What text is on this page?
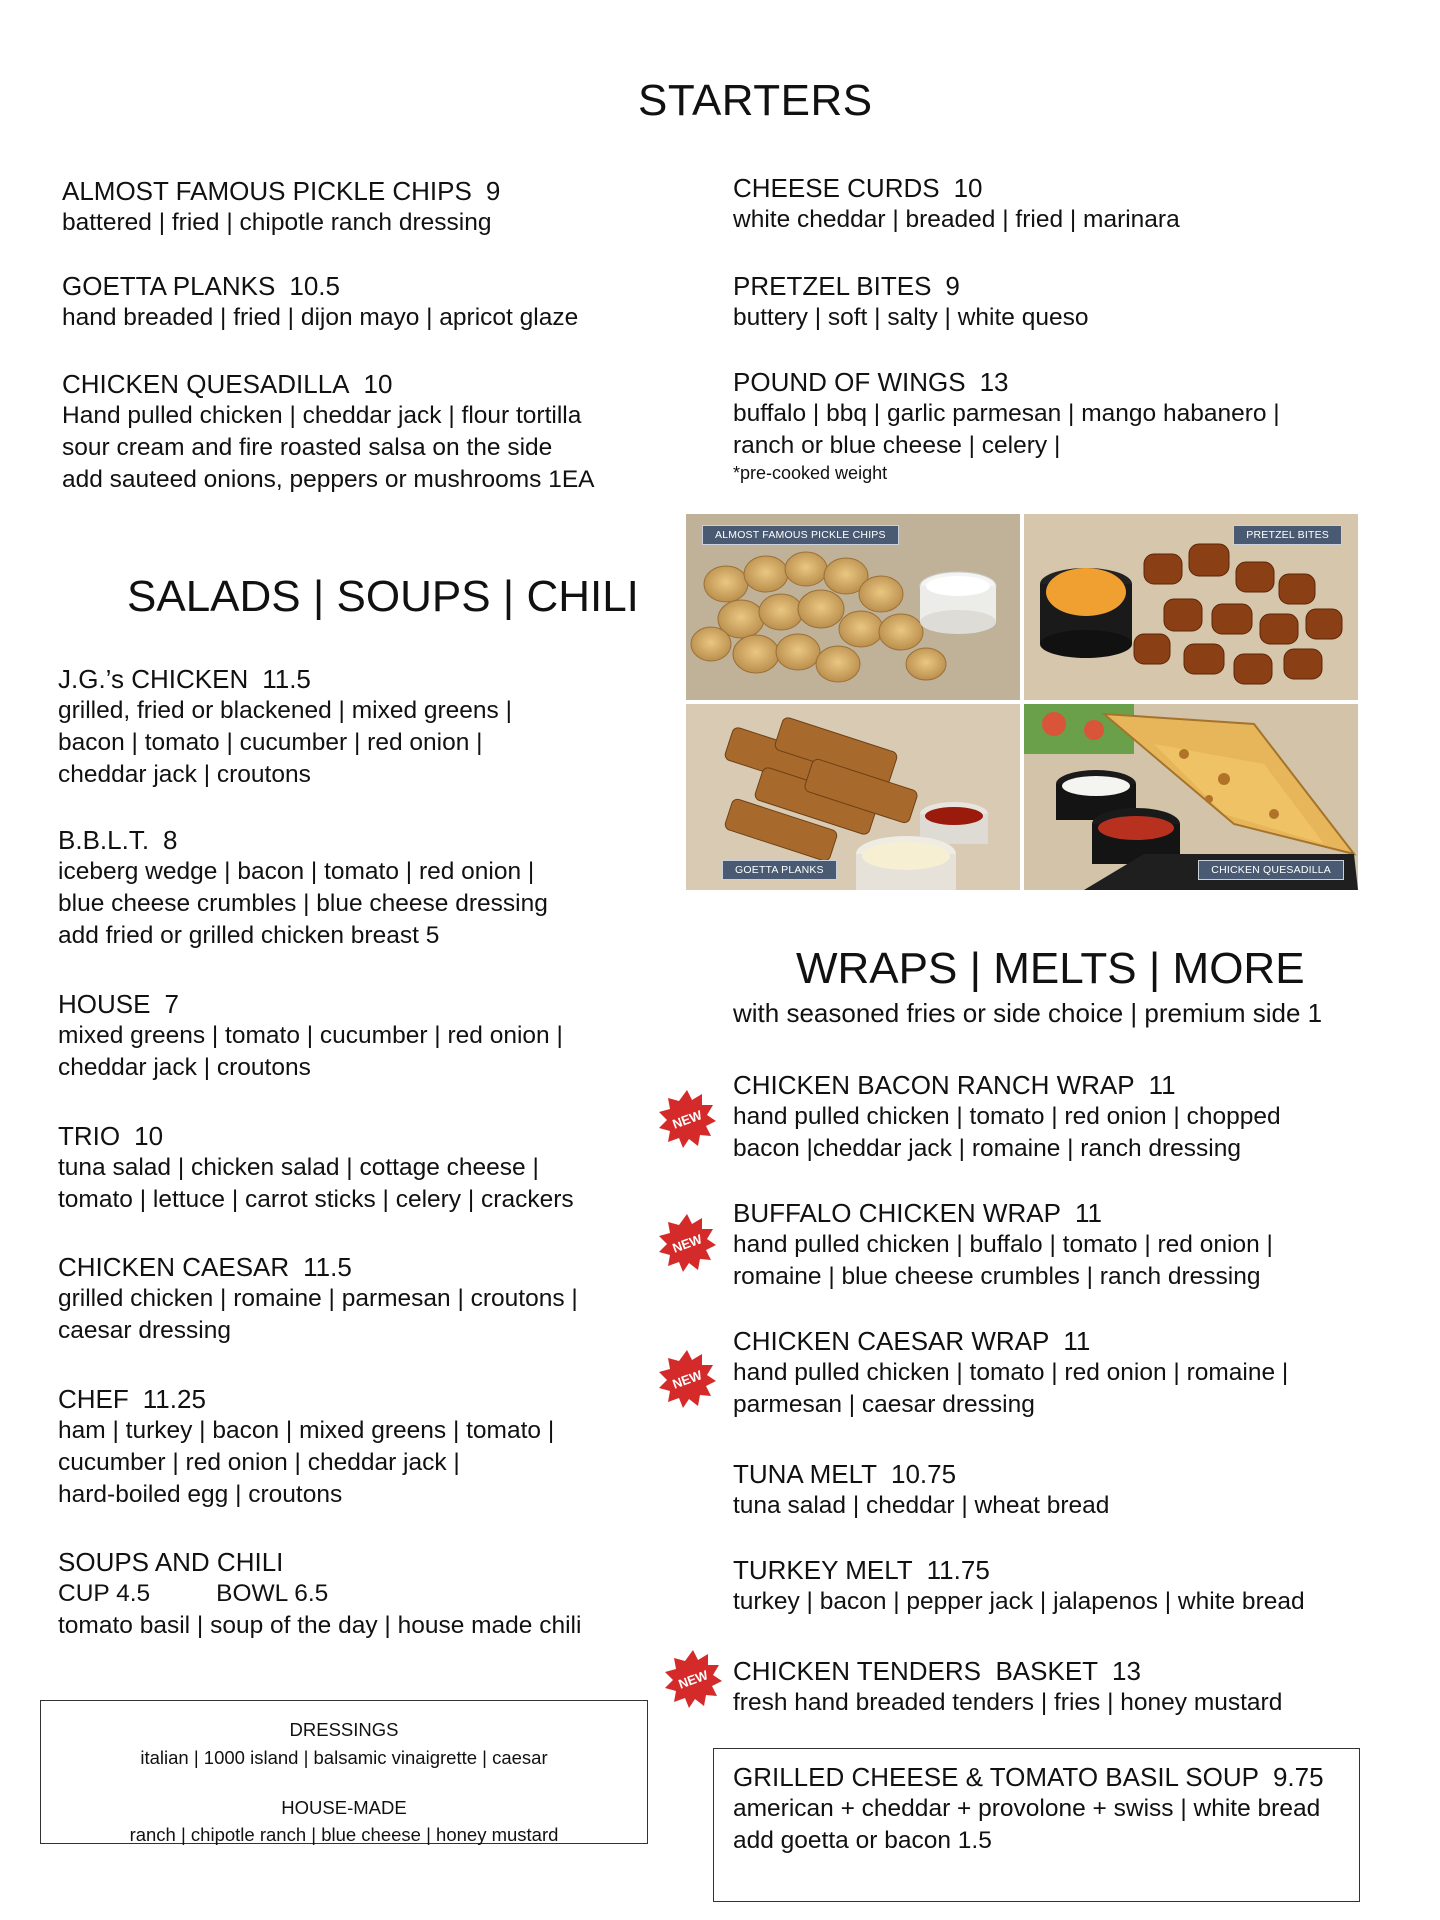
STARTERS
ALMOST FAMOUS PICKLE CHIPS 9
battered | fried | chipotle ranch dressing
GOETTA PLANKS 10.5
hand breaded | fried | dijon mayo | apricot glaze
CHICKEN QUESADILLA 10
Hand pulled chicken | cheddar jack | flour tortilla
sour cream and fire roasted salsa on the side
add sauteed onions, peppers or mushrooms 1EA
CHEESE CURDS 10
white cheddar | breaded | fried | marinara
PRETZEL BITES 9
buttery | soft | salty | white queso
POUND OF WINGS 13
buffalo | bbq | garlic parmesan | mango habanero |
ranch or blue cheese | celery |
*pre-cooked weight
ALMOST FAMOUS PICKLE CHIPS	PRETZEL BITES
GOETTA PLANKS	CHICKEN QUESADILLA
SALADS | SOUPS | CHILI
J.G.’s CHICKEN 11.5
grilled, fried or blackened | mixed greens |
bacon | tomato | cucumber | red onion |
cheddar jack | croutons
B.B.L.T. 8
iceberg wedge | bacon | tomato | red onion |
blue cheese crumbles | blue cheese dressing
add fried or grilled chicken breast 5
HOUSE 7
mixed greens | tomato | cucumber | red onion |
cheddar jack | croutons
TRIO 10
tuna salad | chicken salad | cottage cheese |
tomato | lettuce | carrot sticks | celery | crackers
CHICKEN CAESAR 11.5
grilled chicken | romaine | parmesan | croutons |
caesar dressing
CHEF 11.25
ham | turkey | bacon | mixed greens | tomato |
cucumber | red onion | cheddar jack |
hard-boiled egg | croutons
SOUPS AND CHILI
CUP 4.5	BOWL 6.5
tomato basil | soup of the day | house made chili
DRESSINGS
italian | 1000 island | balsamic vinaigrette | caesar
HOUSE-MADE
ranch | chipotle ranch | blue cheese | honey mustard
WRAPS | MELTS | MORE
with seasoned fries or side choice | premium side 1
CHICKEN BACON RANCH WRAP 11
hand pulled chicken | tomato | red onion | chopped
bacon |cheddar jack | romaine | ranch dressing
BUFFALO CHICKEN WRAP 11
hand pulled chicken | buffalo | tomato | red onion |
romaine | blue cheese crumbles | ranch dressing
CHICKEN CAESAR WRAP 11
hand pulled chicken | tomato | red onion | romaine |
parmesan | caesar dressing
TUNA MELT 10.75
tuna salad | cheddar | wheat bread
TURKEY MELT 11.75
turkey | bacon | pepper jack | jalapenos | white bread
CHICKEN TENDERS  BASKET 13
fresh hand breaded tenders | fries | honey mustard
NEW
NEW
NEW
NEW
GRILLED CHEESE & TOMATO BASIL SOUP 9.75
american + cheddar + provolone + swiss | white bread
add goetta or bacon 1.5
